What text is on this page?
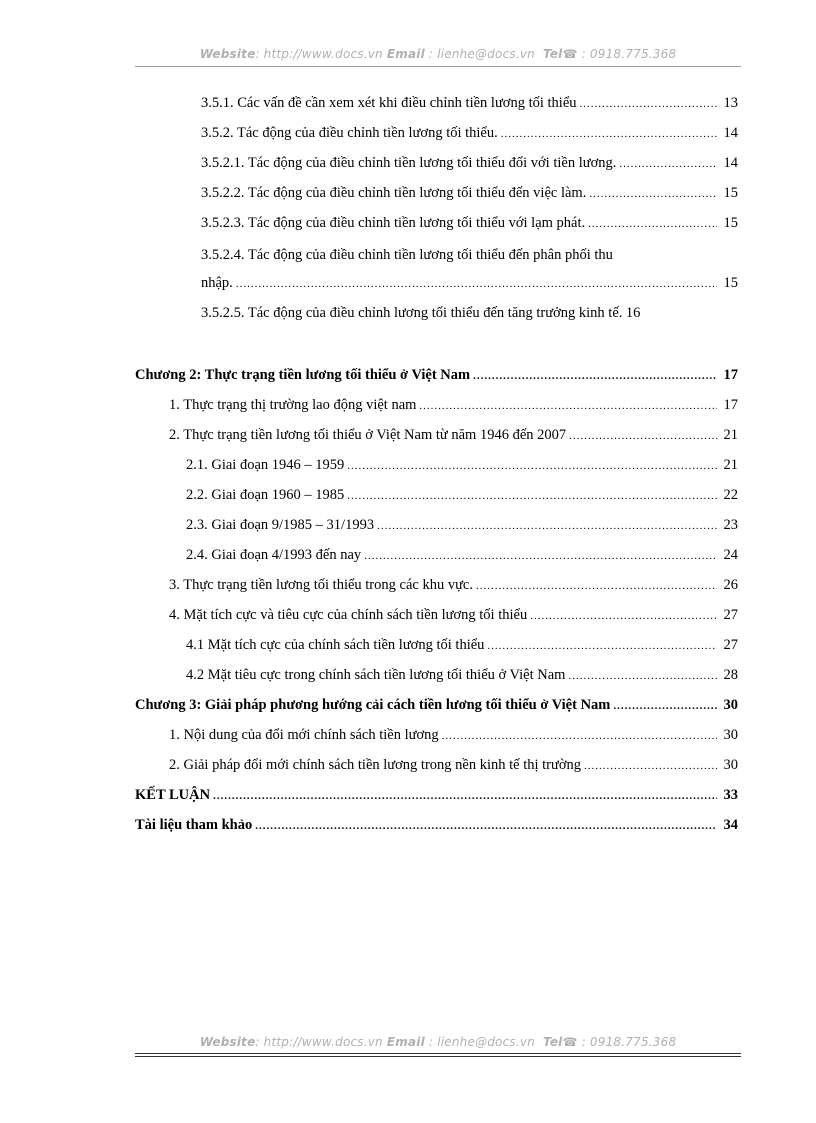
Website: http://www.docs.vn Email : lienhe@docs.vn Tel☎ : 0918.775.368
3.5.1. Các vấn đề cần xem xét khi điều chỉnh tiền lương tối thiểu .....	13
3.5.2. Tác động của điều chỉnh tiền lương tối thiểu. .....	14
3.5.2.1. Tác động của điều chỉnh tiền lương tối thiểu đối với tiền lương. .....	14
3.5.2.2. Tác động của điều chỉnh tiền lương tối thiểu đến việc làm. .....	15
3.5.2.3. Tác động của điều chỉnh tiền lương tối thiểu với lạm phát. .....	15
3.5.2.4. Tác động của điều chỉnh tiền lương tối thiểu đến phân phối thu
nhập. .....	15
3.5.2.5. Tác động của điều chỉnh lương tối thiểu đến tăng trưởng kinh tế. 16
Chương 2: Thực trạng tiền lương tối thiểu ở Việt Nam .....	17
1. Thực trạng thị trường lao động việt nam .....	17
2. Thực trạng tiền lương tối thiểu ở Việt Nam từ năm 1946 đến 2007 .....	21
2.1. Giai đoạn 1946 – 1959 .....	21
2.2. Giai đoạn 1960 – 1985 .....	22
2.3. Giai đoạn 9/1985 – 31/1993 .....	23
2.4. Giai đoạn 4/1993 đến nay .....	24
3. Thực trạng tiền lương tối thiểu trong các khu vực. .....	26
4. Mặt tích cực và tiêu cực của chính sách tiền lương tối thiểu .....	27
4.1 Mặt tích cực của chính sách tiền lương tối thiểu .....	27
4.2 Mặt tiêu cực trong chính sách tiền lương tối thiểu ở Việt Nam .....	28
Chương 3: Giải pháp phương hướng cải cách tiền lương tối thiểu ở Việt Nam .....	30
1. Nội dung của đổi mới chính sách tiền lương .....	30
2. Giải pháp đổi mới chính sách tiền lương trong nền kinh tế thị trường .....	30
KẾT LUẬN .....	33
Tài liệu tham khảo .....	34
Website: http://www.docs.vn Email : lienhe@docs.vn Tel☎ : 0918.775.368
